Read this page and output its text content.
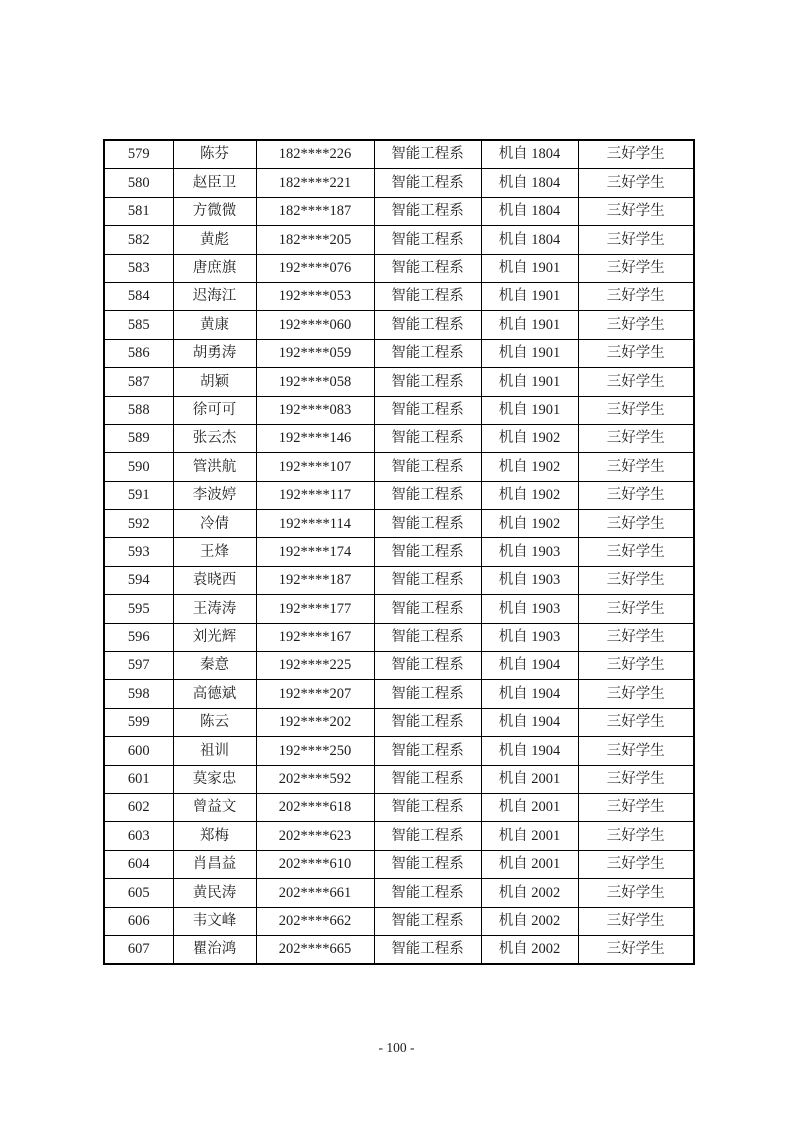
579	陈芬	182****226	智能工程系	机自 1804	三好学生
580	赵臣卫	182****221	智能工程系	机自 1804	三好学生
581	方微微	182****187	智能工程系	机自 1804	三好学生
582	黄彪	182****205	智能工程系	机自 1804	三好学生
583	唐庶旗	192****076	智能工程系	机自 1901	三好学生
584	迟海江	192****053	智能工程系	机自 1901	三好学生
585	黄康	192****060	智能工程系	机自 1901	三好学生
586	胡勇涛	192****059	智能工程系	机自 1901	三好学生
587	胡颖	192****058	智能工程系	机自 1901	三好学生
588	徐可可	192****083	智能工程系	机自 1901	三好学生
589	张云杰	192****146	智能工程系	机自 1902	三好学生
590	管洪航	192****107	智能工程系	机自 1902	三好学生
591	李波婷	192****117	智能工程系	机自 1902	三好学生
592	冷倩	192****114	智能工程系	机自 1902	三好学生
593	王烽	192****174	智能工程系	机自 1903	三好学生
594	袁晓西	192****187	智能工程系	机自 1903	三好学生
595	王涛涛	192****177	智能工程系	机自 1903	三好学生
596	刘光辉	192****167	智能工程系	机自 1903	三好学生
597	秦意	192****225	智能工程系	机自 1904	三好学生
598	高德斌	192****207	智能工程系	机自 1904	三好学生
599	陈云	192****202	智能工程系	机自 1904	三好学生
600	祖训	192****250	智能工程系	机自 1904	三好学生
601	莫家忠	202****592	智能工程系	机自 2001	三好学生
602	曾益文	202****618	智能工程系	机自 2001	三好学生
603	郑梅	202****623	智能工程系	机自 2001	三好学生
604	肖昌益	202****610	智能工程系	机自 2001	三好学生
605	黄民涛	202****661	智能工程系	机自 2002	三好学生
606	韦文峰	202****662	智能工程系	机自 2002	三好学生
607	瞿治鸿	202****665	智能工程系	机自 2002	三好学生
- 100 -
